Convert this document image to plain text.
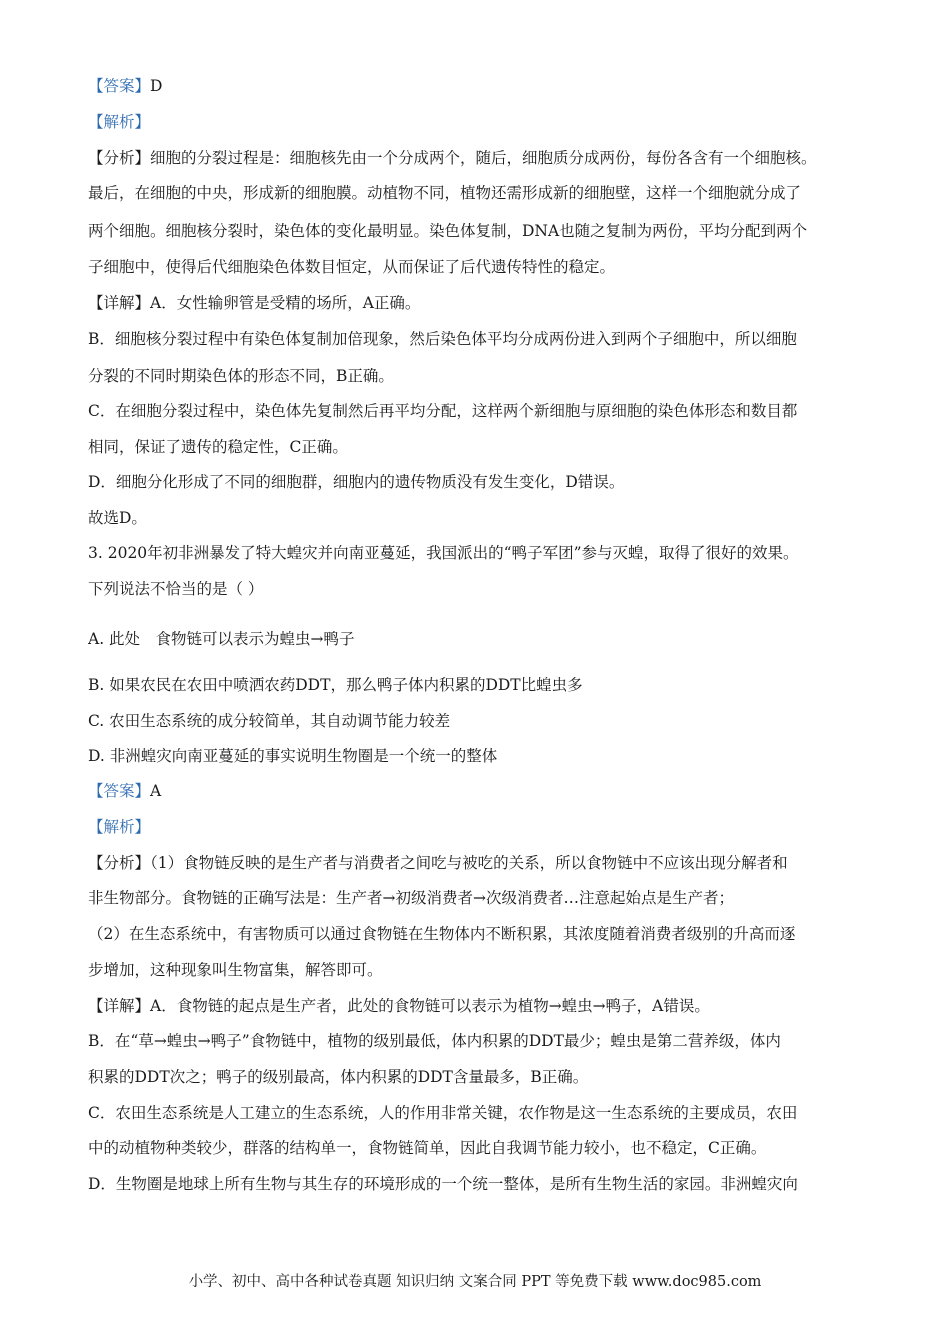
【答案】D
【解析】
【分析】细胞的分裂过程是：细胞核先由一个分成两个，随后，细胞质分成两份，每份各含有一个细胞核。
最后，在细胞的中央，形成新的细胞膜。动植物不同，植物还需形成新的细胞壁，这样一个细胞就分成了
两个细胞。细胞核分裂时，染色体的变化最明显。染色体复制，DNA也随之复制为两份，平均分配到两个
子细胞中，使得后代细胞染色体数目恒定，从而保证了后代遗传特性的稳定。
【详解】A．女性输卵管是受精的场所，A正确。
B．细胞核分裂过程中有染色体复制加倍现象，然后染色体平均分成两份进入到两个子细胞中，所以细胞
分裂的不同时期染色体的形态不同，B正确。
C．在细胞分裂过程中，染色体先复制然后再平均分配，这样两个新细胞与原细胞的染色体形态和数目都
相同，保证了遗传的稳定性，C正确。
D．细胞分化形成了不同的细胞群，细胞内的遗传物质没有发生变化，D错误。
故选D。
3. 2020年初非洲暴发了特大蝗灾并向南亚蔓延，我国派出的“鸭子军团”参与灭蝗，取得了很好的效果。
下列说法不恰当的是（ ）
A. 此处　食物链可以表示为蝗虫→鸭子
B. 如果农民在农田中喷洒农药DDT，那么鸭子体内积累的DDT比蝗虫多
C. 农田生态系统的成分较简单，其自动调节能力较差
D. 非洲蝗灾向南亚蔓延的事实说明生物圈是一个统一的整体
【答案】A
【解析】
【分析】（1）食物链反映的是生产者与消费者之间吃与被吃的关系，所以食物链中不应该出现分解者和
非生物部分。食物链的正确写法是：生产者→初级消费者→次级消费者…注意起始点是生产者；
（2）在生态系统中，有害物质可以通过食物链在生物体内不断积累，其浓度随着消费者级别的升高而逐
步增加，这种现象叫生物富集，解答即可。
【详解】A．食物链的起点是生产者，此处的食物链可以表示为植物→蝗虫→鸭子，A错误。
B．在“草→蝗虫→鸭子”食物链中，植物的级别最低，体内积累的DDT最少；蝗虫是第二营养级，体内
积累的DDT次之；鸭子的级别最高，体内积累的DDT含量最多，B正确。
C．农田生态系统是人工建立的生态系统，人的作用非常关键，农作物是这一生态系统的主要成员，农田
中的动植物种类较少，群落的结构单一，食物链简单，因此自我调节能力较小，也不稳定，C正确。
D．生物圈是地球上所有生物与其生存的环境形成的一个统一整体，是所有生物生活的家园。非洲蝗灾向
小学、初中、高中各种试卷真题 知识归纳 文案合同 PPT 等免费下载 www.doc985.com
